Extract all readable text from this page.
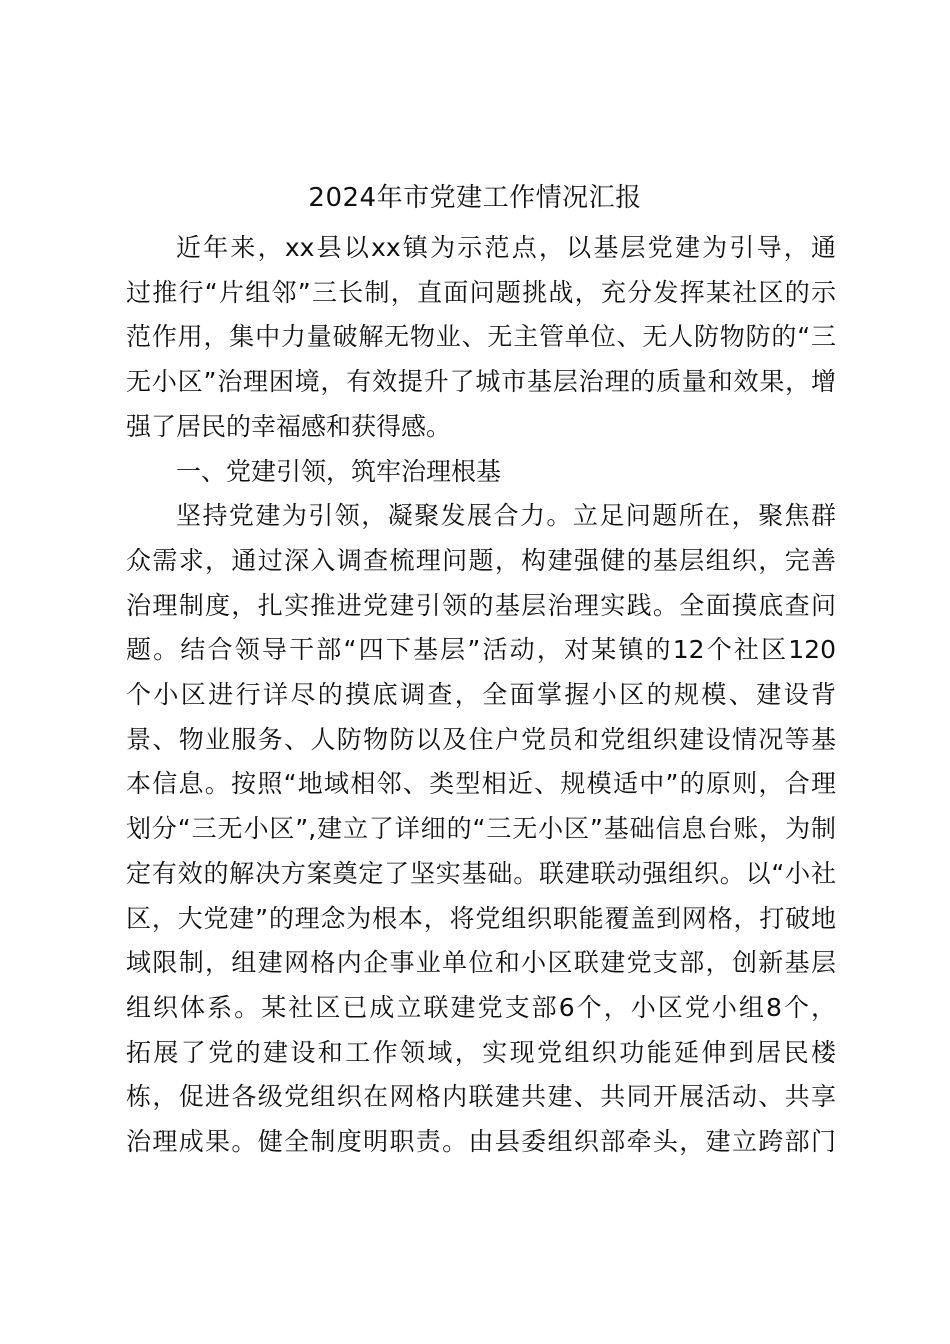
2024年市党建工作情况汇报

近年来，xx县以xx镇为示范点，以基层党建为引导，通
过推行“片组邻”三长制，直面问题挑战，充分发挥某社区的示
范作用，集中力量破解无物业、无主管单位、无人防物防的“三
无小区”治理困境，有效提升了城市基层治理的质量和效果，增
强了居民的幸福感和获得感。

一、党建引领，筑牢治理根基

坚持党建为引领，凝聚发展合力。立足问题所在，聚焦群
众需求，通过深入调查梳理问题，构建强健的基层组织，完善
治理制度，扎实推进党建引领的基层治理实践。全面摸底查问
题。结合领导干部“四下基层”活动，对某镇的12个社区120
个小区进行详尽的摸底调查，全面掌握小区的规模、建设背
景、物业服务、人防物防以及住户党员和党组织建设情况等基
本信息。按照“地域相邻、类型相近、规模适中”的原则，合理
划分“三无小区”,建立了详细的“三无小区”基础信息台账，为制
定有效的解决方案奠定了坚实基础。联建联动强组织。以“小社
区，大党建”的理念为根本，将党组织职能覆盖到网格，打破地
域限制，组建网格内企事业单位和小区联建党支部，创新基层
组织体系。某社区已成立联建党支部6个，小区党小组8个，
拓展了党的建设和工作领域，实现党组织功能延伸到居民楼
栋，促进各级党组织在网格内联建共建、共同开展活动、共享
治理成果。健全制度明职责。由县委组织部牵头，建立跨部门
